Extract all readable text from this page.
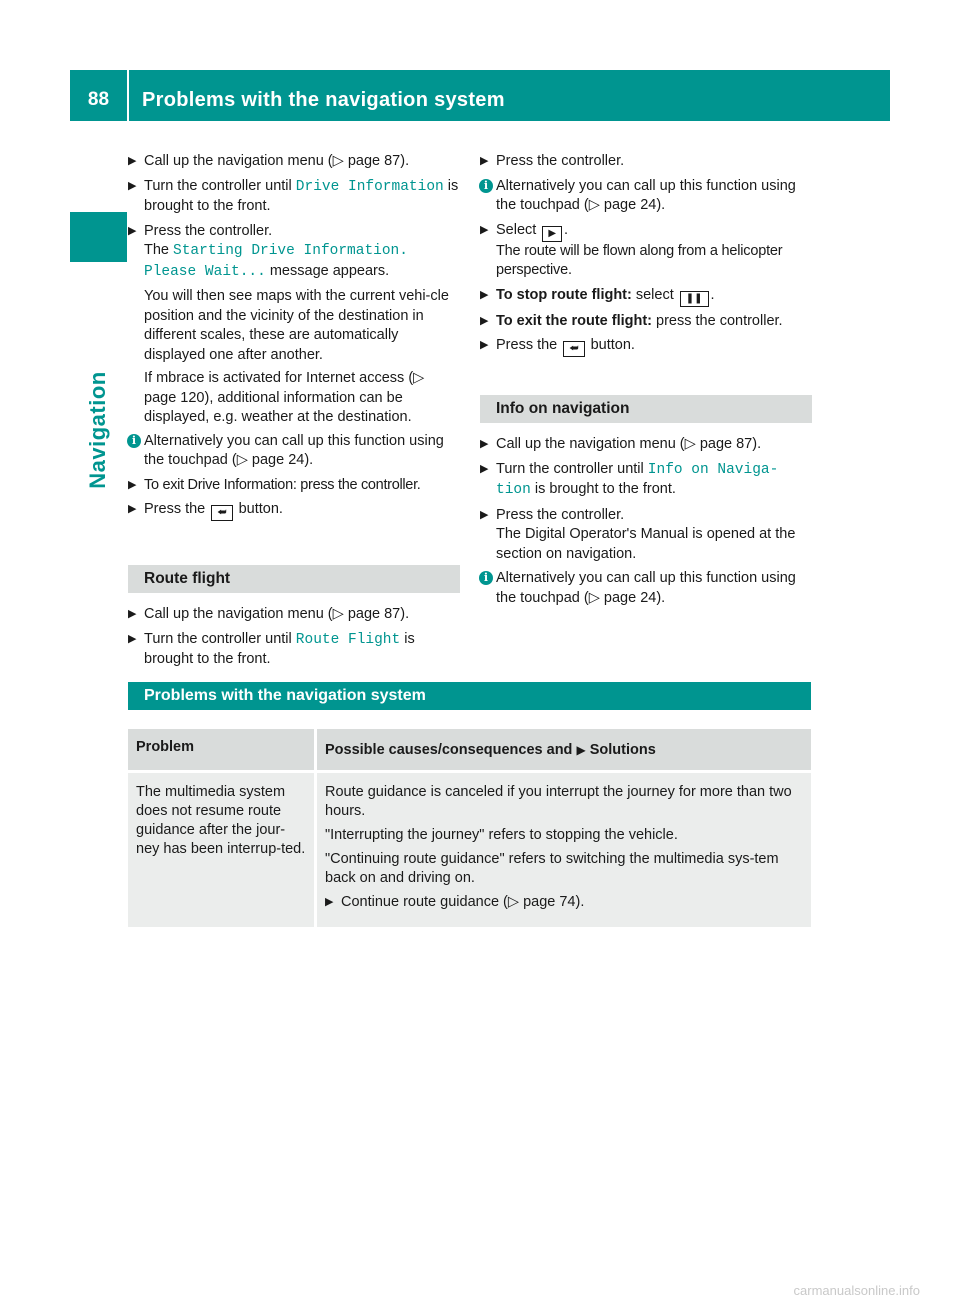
88	Problems with the navigation system
Navigation
▶ Call up the navigation menu (▷ page 87).
▶ Turn the controller until Drive Information is brought to the front.
▶ Press the controller.
The Starting Drive Information. Please Wait... message appears.
You will then see maps with the current vehi-cle position and the vicinity of the destination in different scales, these are automatically displayed one after another.
If mbrace is activated for Internet access (▷ page 120), additional information can be displayed, e.g. weather at the destination.
i Alternatively you can call up this function using the touchpad (▷ page 24).
▶ To exit Drive Information: press the controller.
▶ Press the ⮨ button.
Route flight
▶ Call up the navigation menu (▷ page 87).
▶ Turn the controller until Route Flight is brought to the front.
▶ Press the controller.
i Alternatively you can call up this function using the touchpad (▷ page 24).
▶ Select ▶ .
The route will be flown along from a helicopter perspective.
▶ To stop route flight: select ❚❚ .
▶ To exit the route flight: press the controller.
▶ Press the ⮨ button.
Info on navigation
▶ Call up the navigation menu (▷ page 87).
▶ Turn the controller until Info on Naviga‐tion is brought to the front.
▶ Press the controller.
The Digital Operator's Manual is opened at the section on navigation.
i Alternatively you can call up this function using the touchpad (▷ page 24).
Problems with the navigation system
Problem	Possible causes/consequences and ▶ Solutions
The multimedia system does not resume route guidance after the jour-ney has been interrup-ted.	Route guidance is canceled if you interrupt the journey for more than two hours.
"Interrupting the journey" refers to stopping the vehicle.
"Continuing route guidance" refers to switching the multimedia sys-tem back on and driving on.
▶ Continue route guidance (▷ page 74).
carmanualsonline.info
